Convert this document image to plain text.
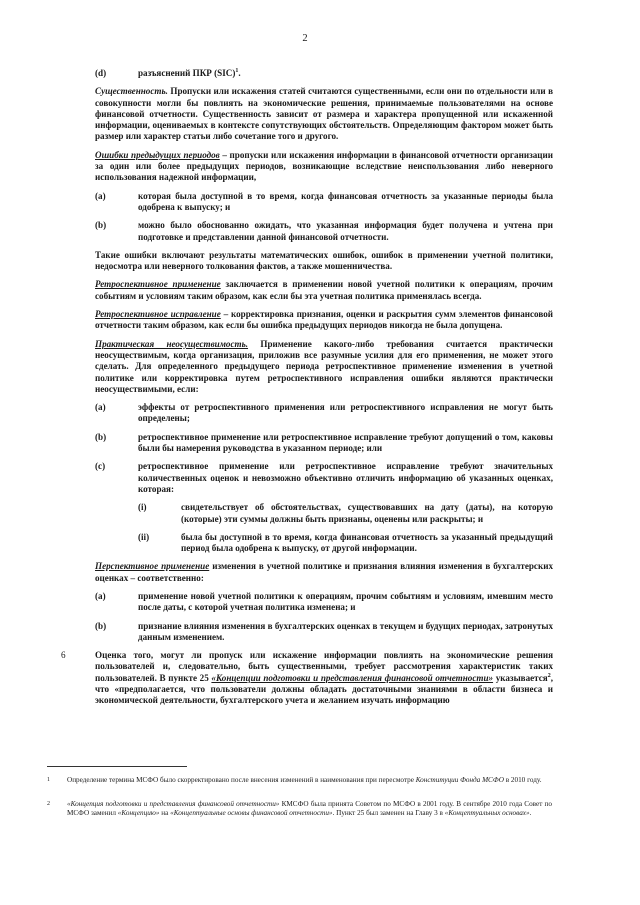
2
(d)	разъяснений ПКР (SIC)$^1$.

Существенность. Пропуски или искажения статей считаются существенными, если они по отдельности или в совокупности могли бы повлиять на экономические решения, принимаемые пользователями на основе финансовой отчетности. Существенность зависит от размера и характера пропущенной или искаженной информации, оцениваемых в контексте сопутствующих обстоятельств. Определяющим фактором может быть размер или характер статьи либо сочетание того и другого.

Ошибки предыдущих периодов – пропуски или искажения информации в финансовой отчетности организации за один или более предыдущих периодов, возникающие вследствие неиспользования либо неверного использования надежной информации,

(a)	которая была доступной в то время, когда финансовая отчетность за указанные периоды была одобрена к выпуску; и
(b)	можно было обоснованно ожидать, что указанная информация будет получена и учтена при подготовке и представлении данной финансовой отчетности.

Такие ошибки включают результаты математических ошибок, ошибок в применении учетной политики, недосмотра или неверного толкования фактов, а также мошенничества.

Ретроспективное применение заключается в применении новой учетной политики к операциям, прочим событиям и условиям таким образом, как если бы эта учетная политика применялась всегда.

Ретроспективное исправление – корректировка признания, оценки и раскрытия сумм элементов финансовой отчетности таким образом, как если бы ошибка предыдущих периодов никогда не была допущена.

Практическая неосуществимость. Применение какого-либо требования считается практически неосуществимым, когда организация, приложив все разумные усилия для его применения, не может этого сделать. Для определенного предыдущего периода ретроспективное применение изменения в учетной политике или корректировка путем ретроспективного исправления ошибки являются практически неосуществимыми, если:

(a)	эффекты от ретроспективного применения или ретроспективного исправления не могут быть определены;
(b)	ретроспективное применение или ретроспективное исправление требуют допущений о том, каковы были бы намерения руководства в указанном периоде; или
(c)	ретроспективное применение или ретроспективное исправление требуют значительных количественных оценок и невозможно объективно отличить информацию об указанных оценках, которая:
(i)	свидетельствует об обстоятельствах, существовавших на дату (даты), на которую (которые) эти суммы должны быть признаны, оценены или раскрыты; и
(ii)	была бы доступной в то время, когда финансовая отчетность за указанный предыдущий период была одобрена к выпуску, от другой информации.

Перспективное применение изменения в учетной политике и признания влияния изменения в бухгалтерских оценках – соответственно:

(a)	применение новой учетной политики к операциям, прочим событиям и условиям, имевшим место после даты, с которой учетная политика изменена; и
(b)	признание влияния изменения в бухгалтерских оценках в текущем и будущих периодах, затронутых данным изменением.

6	Оценка того, могут ли пропуск или искажение информации повлиять на экономические решения пользователей и, следовательно, быть существенными, требует рассмотрения характеристик таких пользователей. В пункте 25 «Концепции подготовки и представления финансовой отчетности» указывается$^2$, что «предполагается, что пользователи должны обладать достаточными знаниями в области бизнеса и экономической деятельности, бухгалтерского учета и желанием изучать информацию

1	Определение термина МСФО было скорректировано после внесения изменений в наименования при пересмотре Конституции Фонда МСФО в 2010 году.
2	«Концепция подготовки и представления финансовой отчетности» КМСФО была принята Советом по МСФО в 2001 году. В сентябре 2010 года Совет по МСФО заменил «Концепцию» на «Концептуальные основы финансовой отчетности». Пункт 25 был заменен на Главу 3 в «Концептуальных основах».
